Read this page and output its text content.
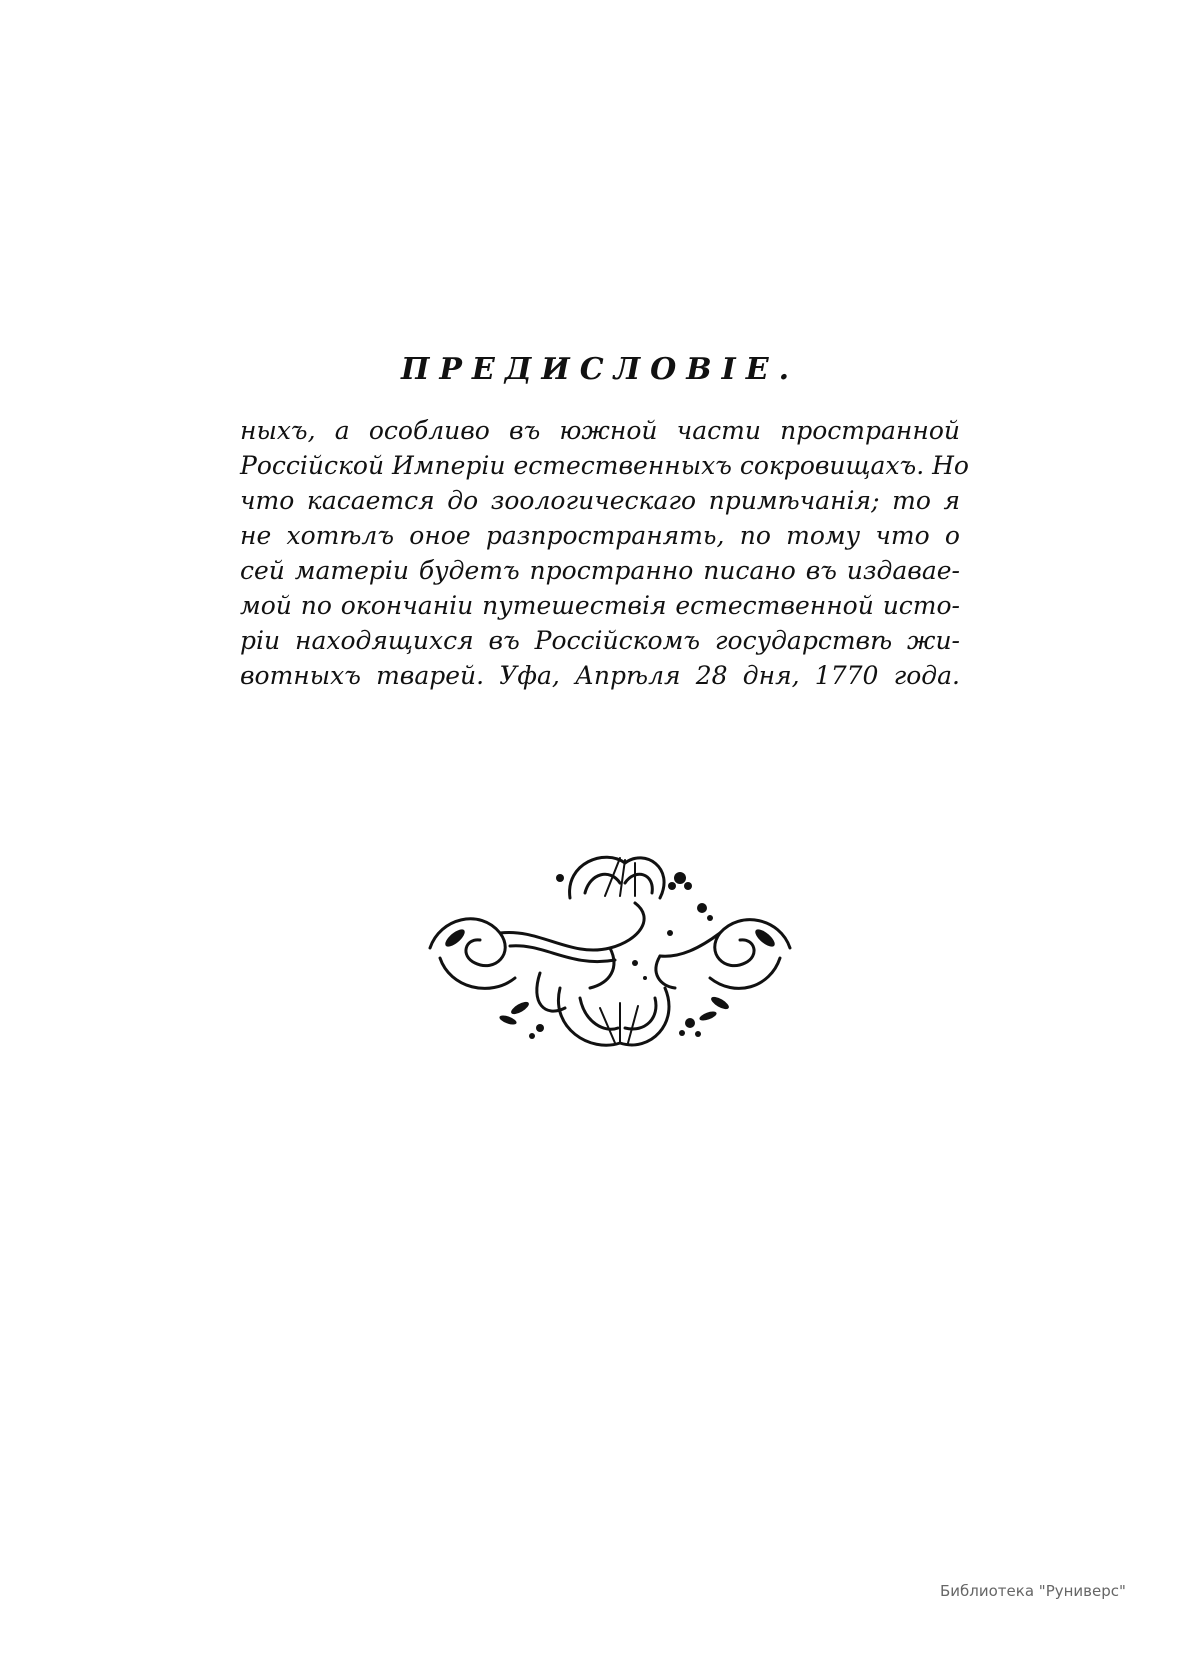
ПРЕДИСЛОВІЕ.
ныхъ, а особливо въ южной части пространной
Россійской Имперіи естественныхъ сокровищахъ. Но
что касается до зоологическаго примѣчанія; то я
не хотѣлъ оное разпространять, по тому что о
сей матеріи будетъ пространно писано въ издавае-
мой по окончаніи путешествія естественной исто-
ріи находящихся въ Россійскомъ государствѣ жи-
вотныхъ тварей. Уфа, Апрѣля 28 дня, 1770 года.
Библиотека "Руниверс"
